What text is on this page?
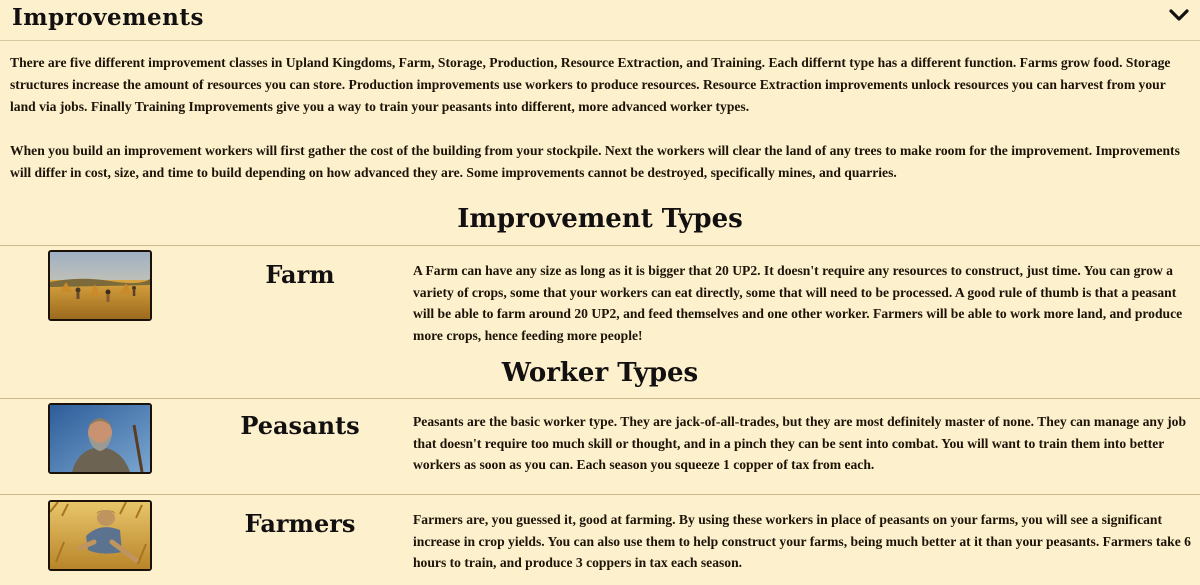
Improvements

There are five different improvement classes in Upland Kingdoms, Farm, Storage, Production, Resource Extraction, and Training. Each differnt type has a different function. Farms grow food. Storage structures increase the amount of resources you can store. Production improvements use workers to produce resources. Resource Extraction improvements unlock resources you can harvest from your land via jobs. Finally Training Improvements give you a way to train your peasants into different, more advanced worker types.

When you build an improvement workers will first gather the cost of the building from your stockpile. Next the workers will clear the land of any trees to make room for the improvement. Improvements will differ in cost, size, and time to build depending on how advanced they are. Some improvements cannot be destroyed, specifically mines, and quarries.

Improvement Types
Farm	A Farm can have any size as long as it is bigger that 20 UP2. It doesn't require any resources to construct, just time. You can grow a variety of crops, some that your workers can eat directly, some that will need to be processed. A good rule of thumb is that a peasant will be able to farm around 20 UP2, and feed themselves and one other worker. Farmers will be able to work more land, and produce more crops, hence feeding more people!

Worker Types
Peasants	Peasants are the basic worker type. They are jack-of-all-trades, but they are most definitely master of none. They can manage any job that doesn't require too much skill or thought, and in a pinch they can be sent into combat. You will want to train them into better workers as soon as you can. Each season you squeeze 1 copper of tax from each.

Farmers	Farmers are, you guessed it, good at farming. By using these workers in place of peasants on your farms, you will see a significant increase in crop yields. You can also use them to help construct your farms, being much better at it than your peasants. Farmers take 6 hours to train, and produce 3 coppers in tax each season.
